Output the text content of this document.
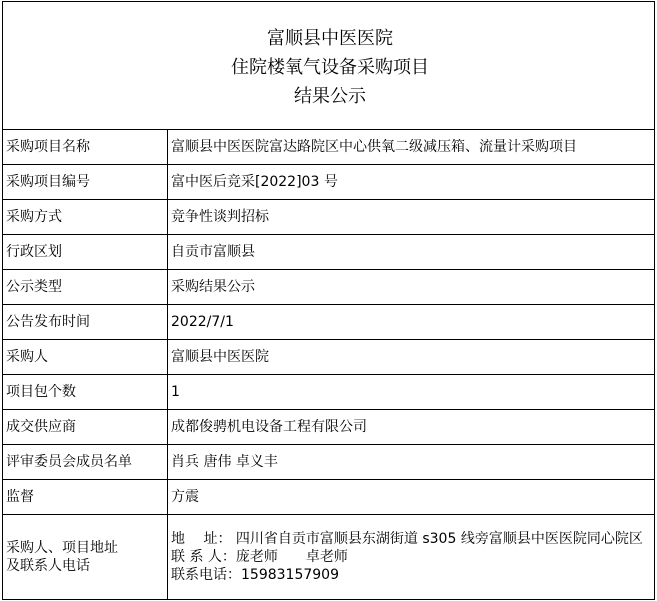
富顺县中医医院
住院楼氧气设备采购项目
结果公示	

采购项目名称	富顺县中医医院富达路院区中心供氧二级减压箱、流量计采购项目
采购项目编号	富中医后竞采[2022]03 号
采购方式	竞争性谈判招标
行政区划	自贡市富顺县
公示类型	采购结果公示
公告发布时间	2022/7/1
采购人	富顺县中医医院
项目包个数	1
成交供应商	成都俊骋机电设备工程有限公司
评审委员会成员名单	肖兵 唐伟 卓义丰
监督	方震

采购人、项目地址
及联系人电话	地　 址： 四川省自贡市富顺县东湖街道 s305 线旁富顺县中医医院同心院区
联 系 人：庞老师　　卓老师
联系电话：15983157909
